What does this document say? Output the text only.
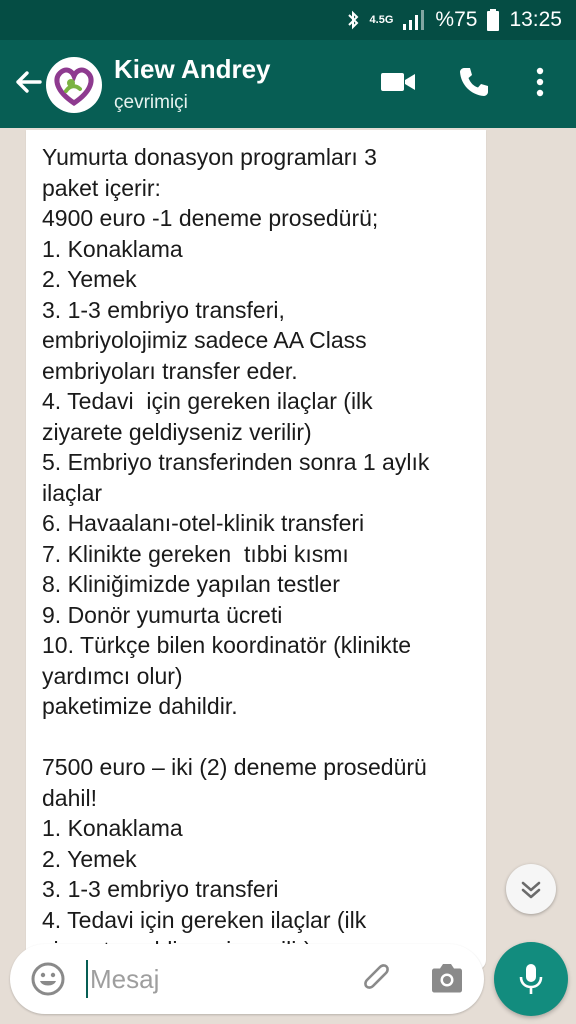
4.5G %75 13:25
Kiew Andrey
çevrimiçi

Yumurta donasyon programları 3
paket içerir:
4900 euro -1 deneme prosedürü;
1. Konaklama
2. Yemek
3. 1-3 embriyo transferi,
embriyolojimiz sadece AA Class
embriyoları transfer eder.
4. Tedavi  için gereken ilaçlar (ilk
ziyarete geldiyseniz verilir)
5. Embriyo transferinden sonra 1 aylık
ilaçlar
6. Havaalanı-otel-klinik transferi
7. Klinikte gereken  tıbbi kısmı
8. Kliniğimizde yapılan testler
9. Donör yumurta ücreti
10. Türkçe bilen koordinatör (klinikte
yardımcı olur)
paketimize dahildir.

7500 euro – iki (2) deneme prosedürü
dahil!
1. Konaklama
2. Yemek
3. 1-3 embriyo transferi
4. Tedavi için gereken ilaçlar (ilk

Mesaj
